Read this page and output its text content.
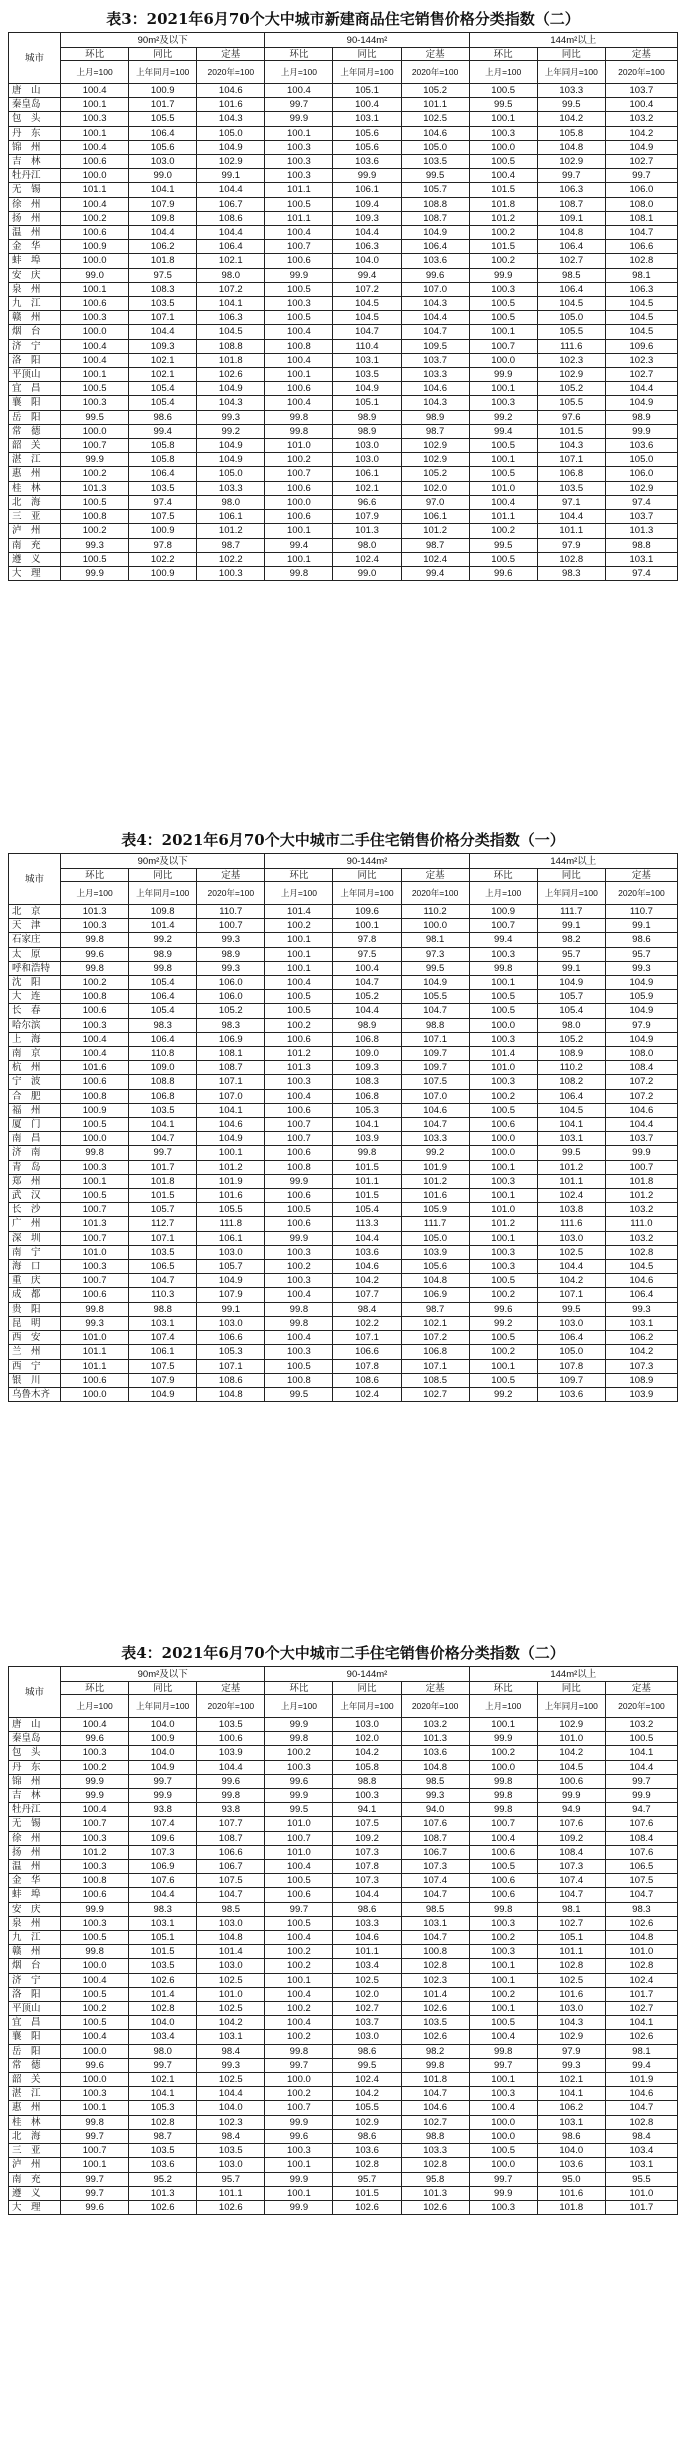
表3：2021年6月70个大中城市新建商品住宅销售价格分类指数（二）
城市	90m²及以下			90-144m²			144m²以上		
	环比	同比	定基	环比	同比	定基	环比	同比	定基
	上月=100	上年同月=100	2020年=100	上月=100	上年同月=100	2020年=100	上月=100	上年同月=100	2020年=100
唐　山	100.4	100.9	104.6	100.4	105.1	105.2	100.5	103.3	103.7
秦皇岛	100.1	101.7	101.6	99.7	100.4	101.1	99.5	99.5	100.4
包　头	100.3	105.5	104.3	99.9	103.1	102.5	100.1	104.2	103.2
丹　东	100.1	106.4	105.0	100.1	105.6	104.6	100.3	105.8	104.2
锦　州	100.4	105.6	104.9	100.3	105.6	105.0	100.0	104.8	104.9
吉　林	100.6	103.0	102.9	100.3	103.6	103.5	100.5	102.9	102.7
牡丹江	100.0	99.0	99.1	100.3	99.9	99.5	100.4	99.7	99.7
无　锡	101.1	104.1	104.4	101.1	106.1	105.7	101.5	106.3	106.0
徐　州	100.4	107.9	106.7	100.5	109.4	108.8	101.8	108.7	108.0
扬　州	100.2	109.8	108.6	101.1	109.3	108.7	101.2	109.1	108.1
温　州	100.6	104.4	104.4	100.4	104.4	104.9	100.2	104.8	104.7
金　华	100.9	106.2	106.4	100.7	106.3	106.4	101.5	106.4	106.6
蚌　埠	100.0	101.8	102.1	100.6	104.0	103.6	100.2	102.7	102.8
安　庆	99.0	97.5	98.0	99.9	99.4	99.6	99.9	98.5	98.1
泉　州	100.1	108.3	107.2	100.5	107.2	107.0	100.3	106.4	106.3
九　江	100.6	103.5	104.1	100.3	104.5	104.3	100.5	104.5	104.5
赣　州	100.3	107.1	106.3	100.5	104.5	104.4	100.5	105.0	104.5
烟　台	100.0	104.4	104.5	100.4	104.7	104.7	100.1	105.5	104.5
济　宁	100.4	109.3	108.8	100.8	110.4	109.5	100.7	111.6	109.6
洛　阳	100.4	102.1	101.8	100.4	103.1	103.7	100.0	102.3	102.3
平顶山	100.1	102.1	102.6	100.1	103.5	103.3	99.9	102.9	102.7
宜　昌	100.5	105.4	104.9	100.6	104.9	104.6	100.1	105.2	104.4
襄　阳	100.3	105.4	104.3	100.4	105.1	104.3	100.3	105.5	104.9
岳　阳	99.5	98.6	99.3	99.8	98.9	98.9	99.2	97.6	98.9
常　德	100.0	99.4	99.2	99.8	98.9	98.7	99.4	101.5	99.9
韶　关	100.7	105.8	104.9	101.0	103.0	102.9	100.5	104.3	103.6
湛　江	99.9	105.8	104.9	100.2	103.0	102.9	100.1	107.1	105.0
惠　州	100.2	106.4	105.0	100.7	106.1	105.2	100.5	106.8	106.0
桂　林	101.3	103.5	103.3	100.6	102.1	102.0	101.0	103.5	102.9
北　海	100.5	97.4	98.0	100.0	96.6	97.0	100.4	97.1	97.4
三　亚	100.8	107.5	106.1	100.6	107.9	106.1	101.1	104.4	103.7
泸　州	100.2	100.9	101.2	100.1	101.3	101.2	100.2	101.1	101.3
南　充	99.3	97.8	98.7	99.4	98.0	98.7	99.5	97.9	98.8
遵　义	100.5	102.2	102.2	100.1	102.4	102.4	100.5	102.8	103.1
大　理	99.9	100.9	100.3	99.8	99.0	99.4	99.6	98.3	97.4
表4：2021年6月70个大中城市二手住宅销售价格分类指数（一）
城市	90m²及以下			90-144m²			144m²以上		
	环比	同比	定基	环比	同比	定基	环比	同比	定基
	上月=100	上年同月=100	2020年=100	上月=100	上年同月=100	2020年=100	上月=100	上年同月=100	2020年=100
北　京	101.3	109.8	110.7	101.4	109.6	110.2	100.9	111.7	110.7
天　津	100.3	101.4	100.7	100.2	100.1	100.0	100.7	99.1	99.1
石家庄	99.8	99.2	99.3	100.1	97.8	98.1	99.4	98.2	98.6
太　原	99.6	98.9	98.9	100.1	97.5	97.3	100.3	95.7	95.7
呼和浩特	99.8	99.8	99.3	100.1	100.4	99.5	99.8	99.1	99.3
沈　阳	100.2	105.4	106.0	100.4	104.7	104.9	100.1	104.9	104.9
大　连	100.8	106.4	106.0	100.5	105.2	105.5	100.5	105.7	105.9
长　春	100.6	105.4	105.2	100.5	104.4	104.7	100.5	105.4	104.9
哈尔滨	100.3	98.3	98.3	100.2	98.9	98.8	100.0	98.0	97.9
上　海	100.4	106.4	106.9	100.6	106.8	107.1	100.3	105.2	104.9
南　京	100.4	110.8	108.1	101.2	109.0	109.7	101.4	108.9	108.0
杭　州	101.6	109.0	108.7	101.3	109.3	109.7	101.0	110.2	108.4
宁　波	100.6	108.8	107.1	100.3	108.3	107.5	100.3	108.2	107.2
合　肥	100.8	106.8	107.0	100.4	106.8	107.0	100.2	106.4	107.2
福　州	100.9	103.5	104.1	100.6	105.3	104.6	100.5	104.5	104.6
厦　门	100.5	104.1	104.6	100.7	104.1	104.7	100.6	104.1	104.4
南　昌	100.0	104.7	104.9	100.7	103.9	103.3	100.0	103.1	103.7
济　南	99.8	99.7	100.1	100.6	99.8	99.2	100.0	99.5	99.9
青　岛	100.3	101.7	101.2	100.8	101.5	101.9	100.1	101.2	100.7
郑　州	100.1	101.8	101.9	99.9	101.1	101.2	100.3	101.1	101.8
武　汉	100.5	101.5	101.6	100.6	101.5	101.6	100.1	102.4	101.2
长　沙	100.7	105.7	105.5	100.5	105.4	105.9	101.0	103.8	103.2
广　州	101.3	112.7	111.8	100.6	113.3	111.7	101.2	111.6	111.0
深　圳	100.7	107.1	106.1	99.9	104.4	105.0	100.1	103.0	103.2
南　宁	101.0	103.5	103.0	100.3	103.6	103.9	100.3	102.5	102.8
海　口	100.3	106.5	105.7	100.2	104.6	105.6	100.3	104.4	104.5
重　庆	100.7	104.7	104.9	100.3	104.2	104.8	100.5	104.2	104.6
成　都	100.6	110.3	107.9	100.4	107.7	106.9	100.2	107.1	106.4
贵　阳	99.8	98.8	99.1	99.8	98.4	98.7	99.6	99.5	99.3
昆　明	99.3	103.1	103.0	99.8	102.2	102.1	99.2	103.0	103.1
西　安	101.0	107.4	106.6	100.4	107.1	107.2	100.5	106.4	106.2
兰　州	101.1	106.1	105.3	100.3	106.6	106.8	100.2	105.0	104.2
西　宁	101.1	107.5	107.1	100.5	107.8	107.1	100.1	107.8	107.3
银　川	100.6	107.9	108.6	100.8	108.6	108.5	100.5	109.7	108.9
乌鲁木齐	100.0	104.9	104.8	99.5	102.4	102.7	99.2	103.6	103.9
表4：2021年6月70个大中城市二手住宅销售价格分类指数（二）
城市	90m²及以下			90-144m²			144m²以上		
	环比	同比	定基	环比	同比	定基	环比	同比	定基
	上月=100	上年同月=100	2020年=100	上月=100	上年同月=100	2020年=100	上月=100	上年同月=100	2020年=100
唐　山	100.4	104.0	103.5	99.9	103.0	103.2	100.1	102.9	103.2
秦皇岛	99.6	100.9	100.6	99.8	102.0	101.3	99.9	101.0	100.5
包　头	100.3	104.0	103.9	100.2	104.2	103.6	100.2	104.2	104.1
丹　东	100.2	104.9	104.4	100.3	105.8	104.8	100.0	104.5	104.4
锦　州	99.9	99.7	99.6	99.6	98.8	98.5	99.8	100.6	99.7
吉　林	99.9	99.9	99.8	99.9	100.3	99.3	99.8	99.9	99.9
牡丹江	100.4	93.8	93.8	99.5	94.1	94.0	99.8	94.9	94.7
无　锡	100.7	107.4	107.7	101.0	107.5	107.6	100.7	107.6	107.6
徐　州	100.3	109.6	108.7	100.7	109.2	108.7	100.4	109.2	108.4
扬　州	101.2	107.3	106.6	101.0	107.3	106.7	100.6	108.4	107.6
温　州	100.3	106.9	106.7	100.4	107.8	107.3	100.5	107.3	106.5
金　华	100.8	107.6	107.5	100.5	107.3	107.4	100.6	107.4	107.5
蚌　埠	100.6	104.4	104.7	100.6	104.4	104.7	100.6	104.7	104.7
安　庆	99.9	98.3	98.5	99.7	98.6	98.5	99.8	98.1	98.3
泉　州	100.3	103.1	103.0	100.5	103.3	103.1	100.3	102.7	102.6
九　江	100.5	105.1	104.8	100.4	104.6	104.7	100.2	105.1	104.8
赣　州	99.8	101.5	101.4	100.2	101.1	100.8	100.3	101.1	101.0
烟　台	100.0	103.5	103.0	100.2	103.4	102.8	100.1	102.8	102.8
济　宁	100.4	102.6	102.5	100.1	102.5	102.3	100.1	102.5	102.4
洛　阳	100.5	101.4	101.0	100.4	102.0	101.4	100.2	101.6	101.7
平顶山	100.2	102.8	102.5	100.2	102.7	102.6	100.1	103.0	102.7
宜　昌	100.5	104.0	104.2	100.4	103.7	103.5	100.5	104.3	104.1
襄　阳	100.4	103.4	103.1	100.2	103.0	102.6	100.4	102.9	102.6
岳　阳	100.0	98.0	98.4	99.8	98.6	98.2	99.8	97.9	98.1
常　德	99.6	99.7	99.3	99.7	99.5	99.8	99.7	99.3	99.4
韶　关	100.0	102.1	102.5	100.0	102.4	101.8	100.1	102.1	101.9
湛　江	100.3	104.1	104.4	100.2	104.2	104.7	100.3	104.1	104.6
惠　州	100.1	105.3	104.0	100.7	105.5	104.6	100.4	106.2	104.7
桂　林	99.8	102.8	102.3	99.9	102.9	102.7	100.0	103.1	102.8
北　海	99.7	98.7	98.4	99.6	98.6	98.8	100.0	98.6	98.4
三　亚	100.7	103.5	103.5	100.3	103.6	103.3	100.5	104.0	103.4
泸　州	100.1	103.6	103.0	100.1	102.8	102.8	100.0	103.6	103.1
南　充	99.7	95.2	95.7	99.9	95.7	95.8	99.7	95.0	95.5
遵　义	99.7	101.3	101.1	100.1	101.5	101.3	99.9	101.6	101.0
大　理	99.6	102.6	102.6	99.9	102.6	102.6	100.3	101.8	101.7
